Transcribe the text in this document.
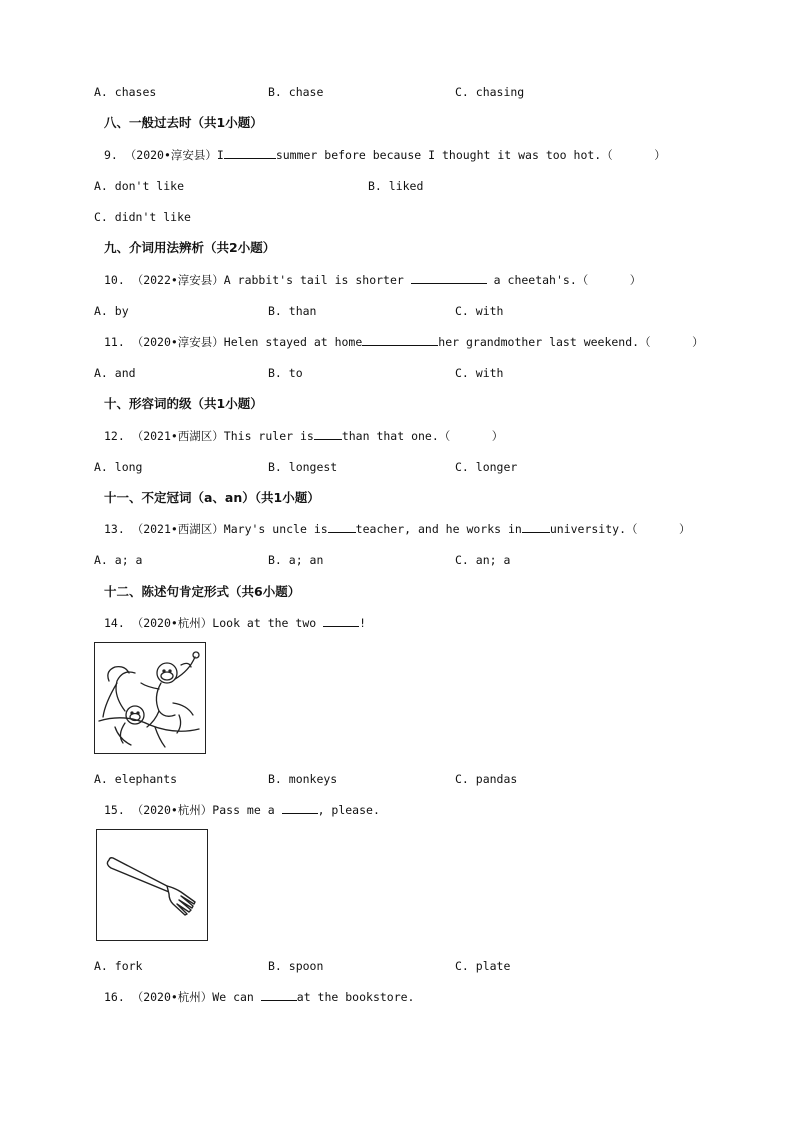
A. chases	B. chase	C. chasing
八、一般过去时（共1小题）
9. （2020•淳安县）I	summer before because I thought it was too hot.（      ）
A. don't like	B. liked
C. didn't like
九、介词用法辨析（共2小题）
10. （2022•淳安县）A rabbit's tail is shorter	a cheetah's.（      ）
A. by	B. than	C. with
11. （2020•淳安县）Helen stayed at home	her grandmother last weekend.（      ）
A. and	B. to	C. with
十、形容词的级（共1小题）
12. （2021•西湖区）This ruler is than that one.（      ）
A. long	B. longest	C. longer
十一、不定冠词（a、an）（共1小题）
13. （2021•西湖区）Mary's uncle is teacher, and he works in university.（      ）
A. a; a	B. a; an	C. an; a
十二、陈述句肯定形式（共6小题）
14. （2020•杭州）Look at the two	!
A. elephants	B. monkeys	C. pandas
15. （2020•杭州）Pass me a	, please.
A. fork	B. spoon	C. plate
16. （2020•杭州）We can	at the bookstore.
